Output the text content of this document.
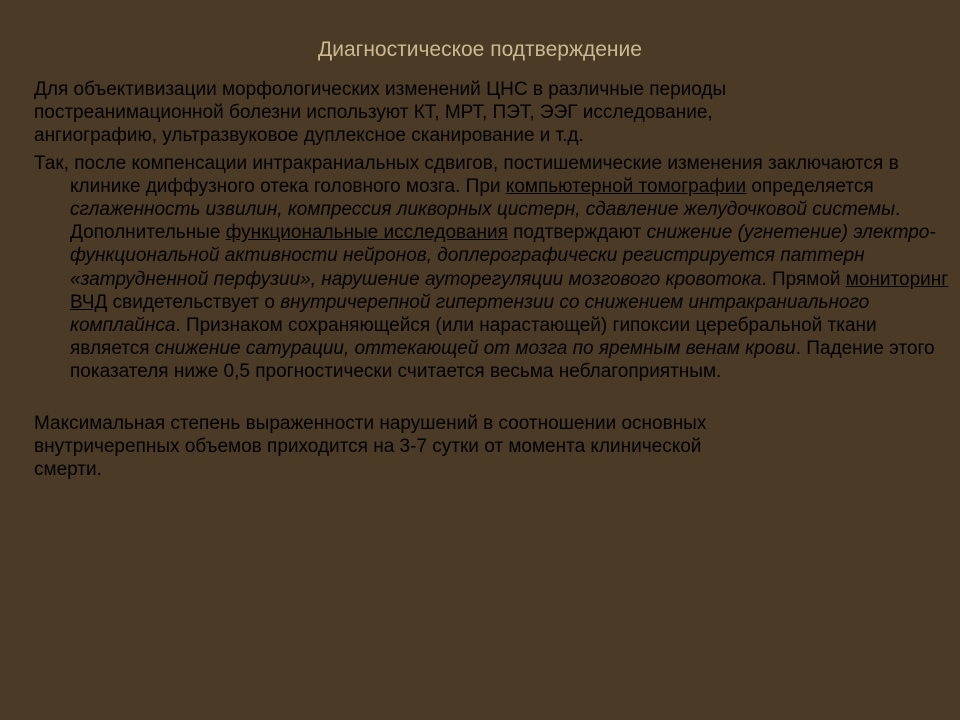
Диагностическое подтверждение

Для объективизации морфологических изменений ЦНС в различные периоды
постреанимационной болезни используют КТ, МРТ, ПЭТ, ЭЭГ исследование,
ангиографию, ультразвуковое дуплексное сканирование и т.д.

Так, после компенсации интракраниальных сдвигов, постишемические изменения заключаются в клинике диффузного отека головного мозга. При компьютерной томографии определяется сглаженность извилин, компрессия ликворных цистерн, сдавление желудочковой системы. Дополнительные функциональные исследования подтверждают снижение (угнетение) электро-функциональной активности нейронов, доплерографически регистрируется паттерн «затрудненной перфузии», нарушение ауторегуляции мозгового кровотока. Прямой мониторинг ВЧД свидетельствует о внутричерепной гипертензии со снижением интракраниального комплайнса. Признаком сохраняющейся (или нарастающей) гипоксии церебральной ткани является снижение сатурации, оттекающей от мозга по яремным венам крови. Падение этого показателя ниже 0,5 прогностически считается весьма неблагоприятным.

Максимальная степень выраженности нарушений в соотношении основных
внутричерепных объемов приходится на 3-7 сутки от момента клинической
смерти.
